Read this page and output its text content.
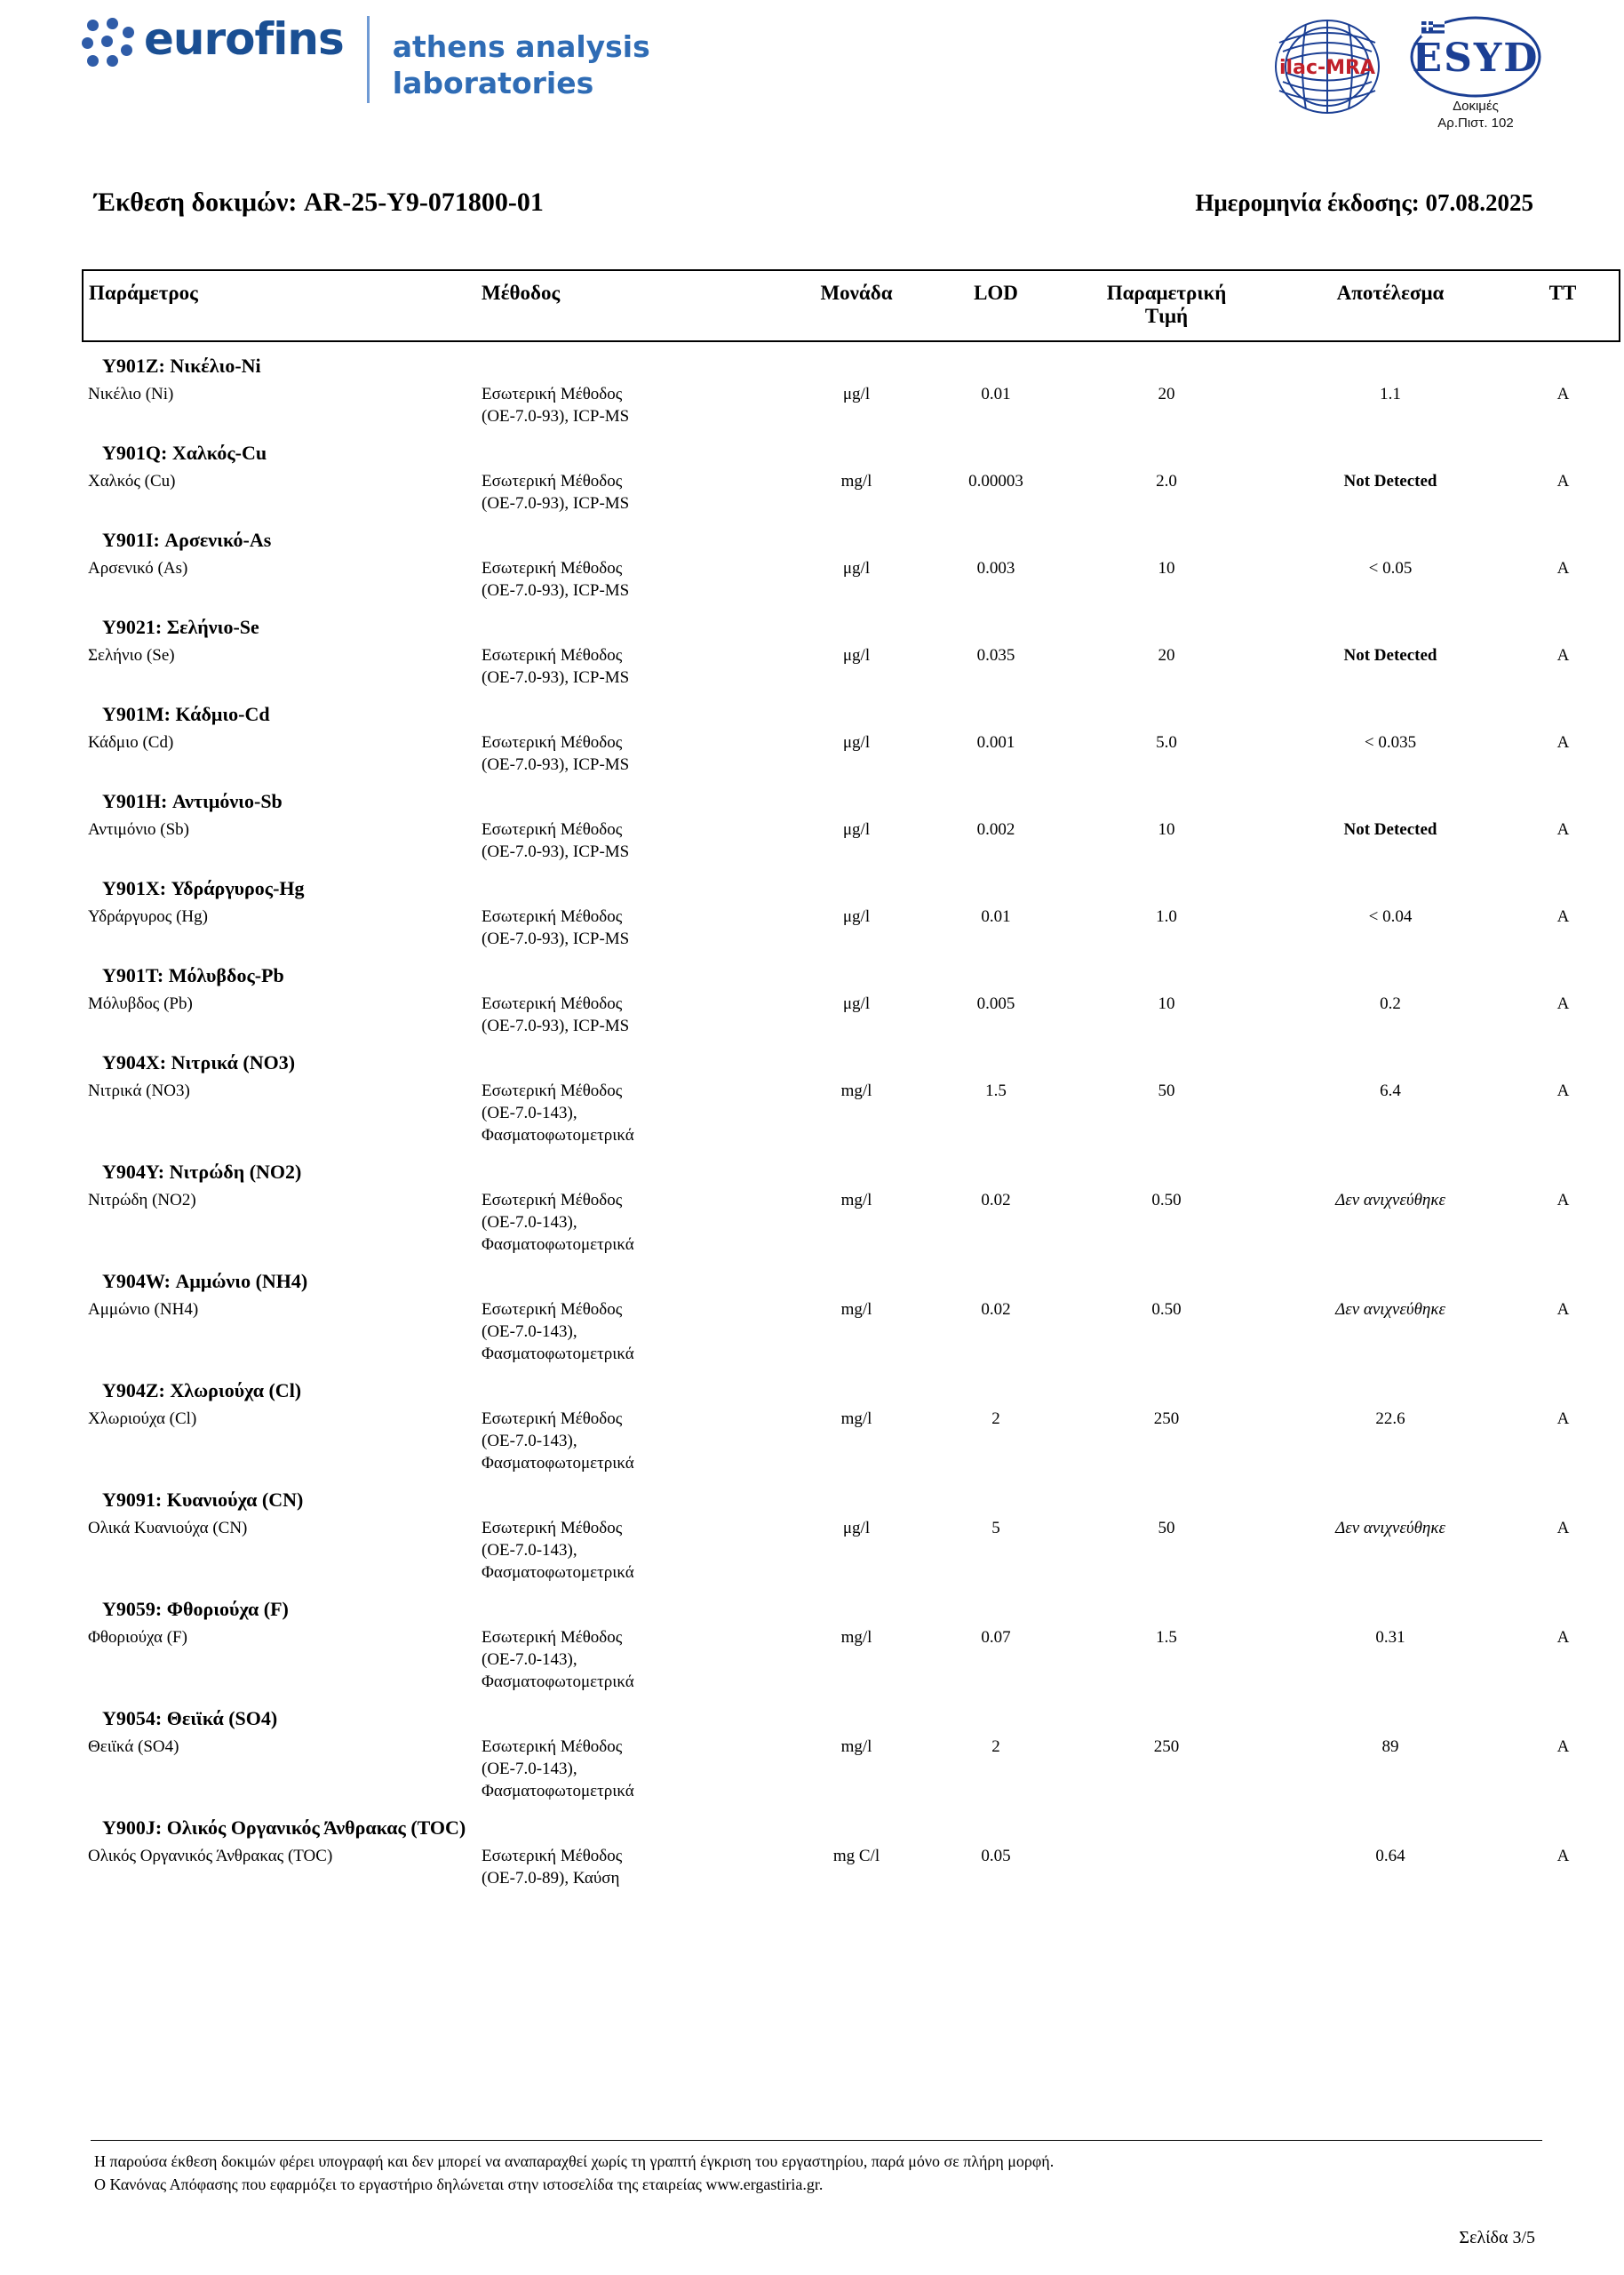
eurofins athens analysis
laboratories	ilac-MRA ESYD
Δοκιμές
Αρ.Πιστ. 102
Έκθεση δοκιμών: AR-25-Y9-071800-01	Ημερομηνία έκδοσης: 07.08.2025
Παράμετρος	Μέθοδος	Μονάδα	LOD	Παραμετρική
Τιμή	Αποτέλεσμα	TT
Y901Z: Νικέλιο-Ni						
Νικέλιο (Ni)	Εσωτερική Μέθοδος
(ΟΕ-7.0-93), ICP-MS	μg/l	0.01	20	1.1	Α
Y901Q: Χαλκός-Cu						
Χαλκός (Cu)	Εσωτερική Μέθοδος
(ΟΕ-7.0-93), ICP-MS	mg/l	0.00003	2.0	Not Detected	Α
Y901I: Αρσενικό-As						
Αρσενικό (As)	Εσωτερική Μέθοδος
(ΟΕ-7.0-93), ICP-MS	μg/l	0.003	10	< 0.05	Α
Y9021: Σελήνιο-Se						
Σελήνιο (Se)	Εσωτερική Μέθοδος
(ΟΕ-7.0-93), ICP-MS	μg/l	0.035	20	Not Detected	Α
Y901M: Κάδμιο-Cd						
Κάδμιο (Cd)	Εσωτερική Μέθοδος
(ΟΕ-7.0-93), ICP-MS	μg/l	0.001	5.0	< 0.035	Α
Y901H: Αντιμόνιο-Sb						
Αντιμόνιο (Sb)	Εσωτερική Μέθοδος
(ΟΕ-7.0-93), ICP-MS	μg/l	0.002	10	Not Detected	Α
Y901X: Υδράργυρος-Hg						
Υδράργυρος (Hg)	Εσωτερική Μέθοδος
(ΟΕ-7.0-93), ICP-MS	μg/l	0.01	1.0	< 0.04	Α
Y901T: Μόλυβδος-Pb						
Μόλυβδος (Pb)	Εσωτερική Μέθοδος
(ΟΕ-7.0-93), ICP-MS	μg/l	0.005	10	0.2	Α
Y904X: Νιτρικά (NO3)						
Νιτρικά (NO3)	Εσωτερική Μέθοδος
(ΟΕ-7.0-143),
Φασματοφωτομετρικά	mg/l	1.5	50	6.4	Α
Y904Y: Νιτρώδη (NO2)						
Νιτρώδη (NO2)	Εσωτερική Μέθοδος
(ΟΕ-7.0-143),
Φασματοφωτομετρικά	mg/l	0.02	0.50	Δεν ανιχνεύθηκε	Α
Y904W: Αμμώνιο (NH4)						
Αμμώνιο (NH4)	Εσωτερική Μέθοδος
(ΟΕ-7.0-143),
Φασματοφωτομετρικά	mg/l	0.02	0.50	Δεν ανιχνεύθηκε	Α
Y904Z: Χλωριούχα (Cl)						
Χλωριούχα (Cl)	Εσωτερική Μέθοδος
(ΟΕ-7.0-143),
Φασματοφωτομετρικά	mg/l	2	250	22.6	Α
Y9091: Κυανιούχα (CN)						
Ολικά Κυανιούχα (CN)	Εσωτερική Μέθοδος
(ΟΕ-7.0-143),
Φασματοφωτομετρικά	μg/l	5	50	Δεν ανιχνεύθηκε	Α
Y9059: Φθοριούχα (F)						
Φθοριούχα (F)	Εσωτερική Μέθοδος
(ΟΕ-7.0-143),
Φασματοφωτομετρικά	mg/l	0.07	1.5	0.31	Α
Y9054: Θειϊκά (SO4)						
Θειϊκά (SO4)	Εσωτερική Μέθοδος
(ΟΕ-7.0-143),
Φασματοφωτομετρικά	mg/l	2	250	89	Α
Y900J: Ολικός Οργανικός Άνθρακας (TOC)						
Ολικός Οργανικός Άνθρακας (TOC)	Εσωτερική Μέθοδος
(ΟΕ-7.0-89), Καύση	mg C/l	0.05		0.64	Α
Η παρούσα έκθεση δοκιμών φέρει υπογραφή και δεν μπορεί να αναπαραχθεί χωρίς τη γραπτή έγκριση του εργαστηρίου, παρά μόνο σε πλήρη μορφή.
Ο Κανόνας Απόφασης που εφαρμόζει το εργαστήριο δηλώνεται στην ιστοσελίδα της εταιρείας www.ergastiria.gr.
Σελίδα 3/5
